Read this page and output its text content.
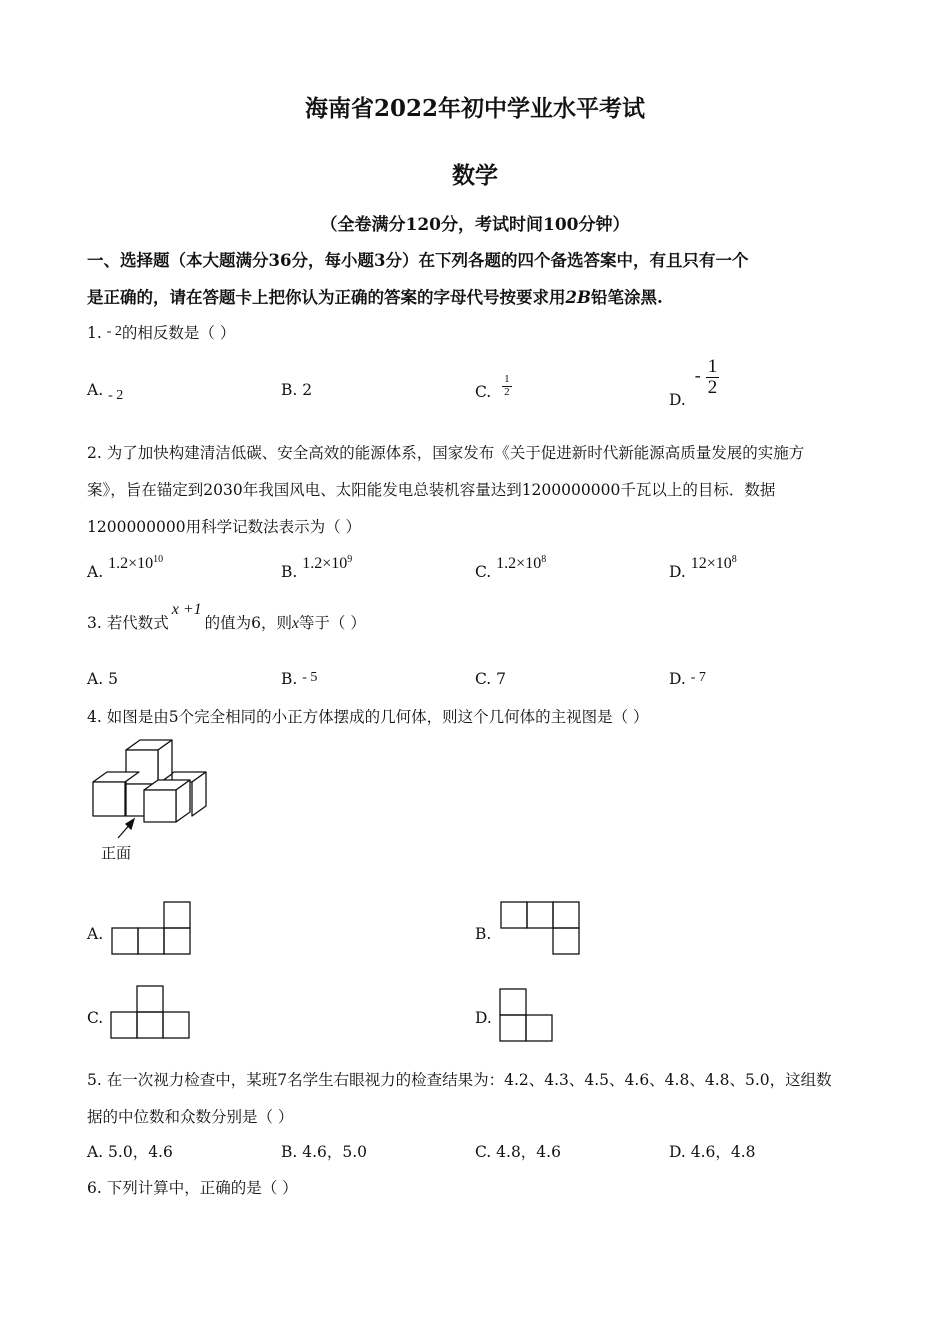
海南省2022年初中学业水平考试
数学
（全卷满分120分，考试时间100分钟）
一、选择题（本大题满分36分，每小题3分）在下列各题的四个备选答案中，有且只有一个
是正确的，请在答题卡上把你认为正确的答案的字母代号按要求用2B铅笔涂黑.
1. - 2的相反数是（ ）
A. - 2	B. 2	C. $\frac{1}{2}$
D. - $\frac{1}{2}$
2. 为了加快构建清洁低碳、安全高效的能源体系，国家发布《关于促进新时代新能源高质量发展的实施方
案》，旨在锚定到2030年我国风电、太阳能发电总装机容量达到1200000000千瓦以上的目标．数据
1200000000用科学记数法表示为（ ）
A. $1.2\times 10^{10}$
B. $1.2\times 10^9$
C. $1.2\times 10^8$
D. $12\times 10^8$
3. 若代数式x +1的值为6，则x等于（ ）
A. 5	B. - 5	C. 7	D. - 7
4. 如图是由5个完全相同的小正方体摆成的几何体，则这个几何体的主视图是（ ）
正面
A.	B.
C.	D.
5. 在一次视力检查中，某班7名学生右眼视力的检查结果为：4.2、4.3、4.5、4.6、4.8、4.8、5.0，这组数
据的中位数和众数分别是（ ）
A. 5.0，4.6	B. 4.6，5.0	C. 4.8，4.6	D. 4.6，4.8
6. 下列计算中，正确的是（ ）
